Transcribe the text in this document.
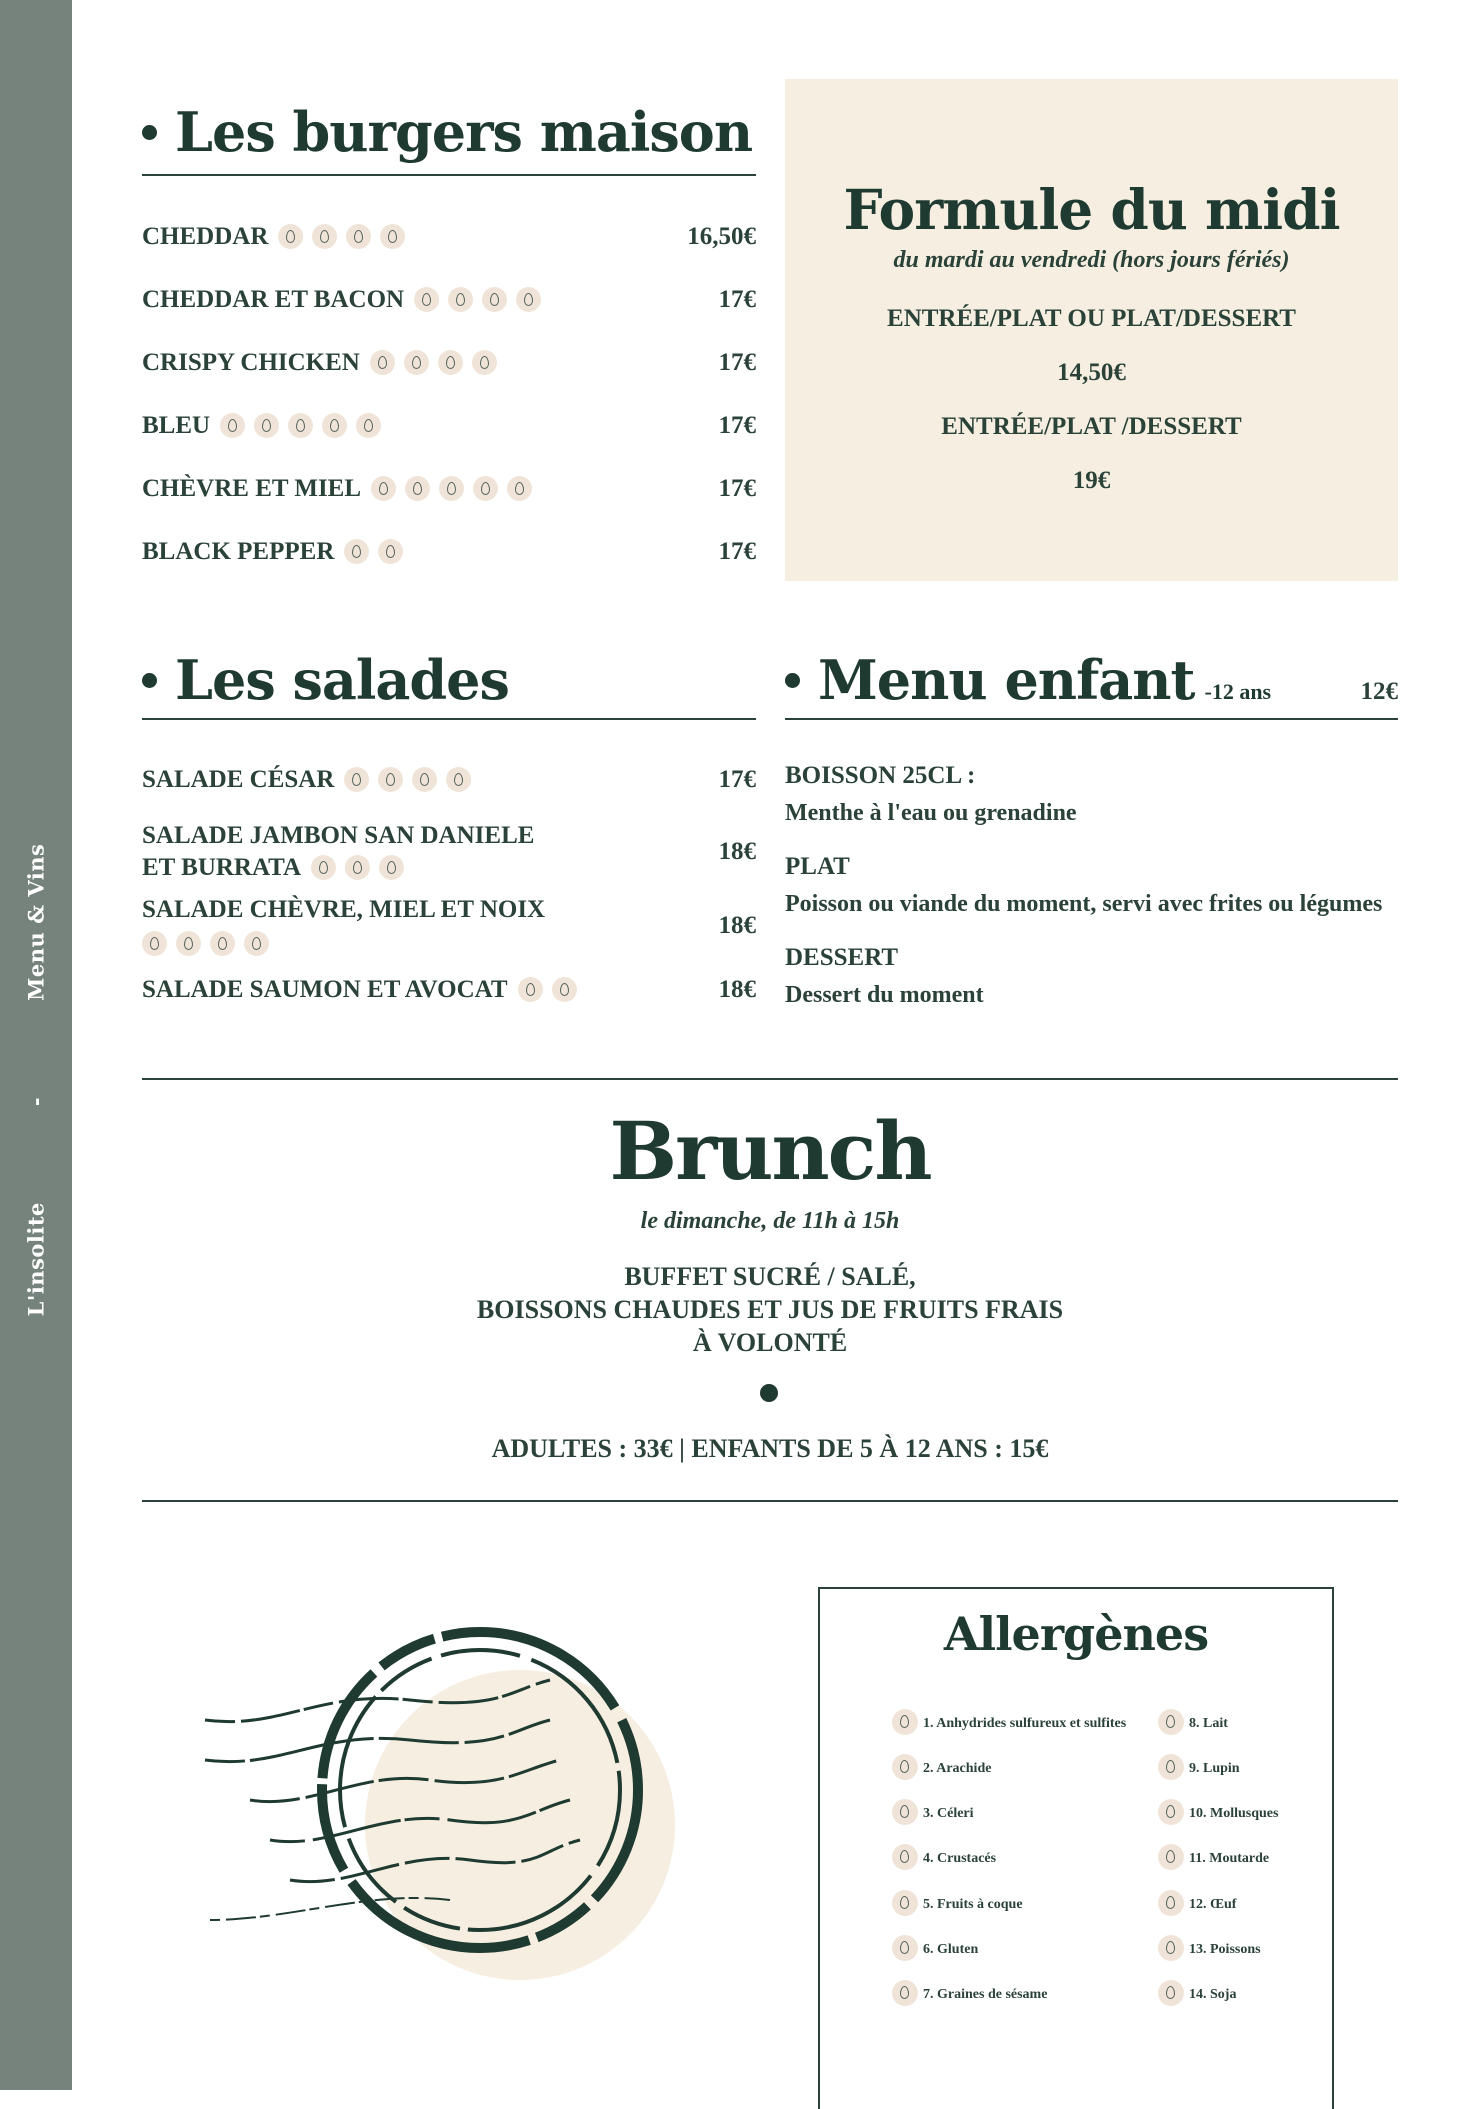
L'insolite-Menu & Vins
Les burgers maison
CHEDDAR	16,50€
CHEDDAR ET BACON	17€
CRISPY CHICKEN	17€
BLEU	17€
CHÈVRE ET MIEL	17€
BLACK PEPPER	17€
Formule du midi
du mardi au vendredi (hors jours fériés)
ENTRÉE/PLAT OU PLAT/DESSERT
14,50€
ENTRÉE/PLAT /DESSERT
19€
Les salades
SALADE CÉSAR	17€
SALADE JAMBON SAN DANIELE
ET BURRATA
18€
SALADE CHÈVRE, MIEL ET NOIX
18€
SALADE SAUMON ET AVOCAT	18€
Menu enfant -12 ans	12€
BOISSON 25CL :
Menthe à l'eau ou grenadine
PLAT
Poisson ou viande du moment, servi avec frites ou légumes
DESSERT
Dessert du moment
Brunch
le dimanche, de 11h à 15h
BUFFET SUCRÉ / SALÉ,
BOISSONS CHAUDES ET JUS DE FRUITS FRAIS
À VOLONTÉ
ADULTES : 33€ | ENFANTS DE 5 À 12 ANS : 15€
Allergènes
1. Anhydrides sulfureux et sulfites
2. Arachide
3. Céleri
4. Crustacés
5. Fruits à coque
6. Gluten
7. Graines de sésame
8. Lait
9. Lupin
10. Mollusques
11. Moutarde
12. Œuf
13. Poissons
14. Soja
